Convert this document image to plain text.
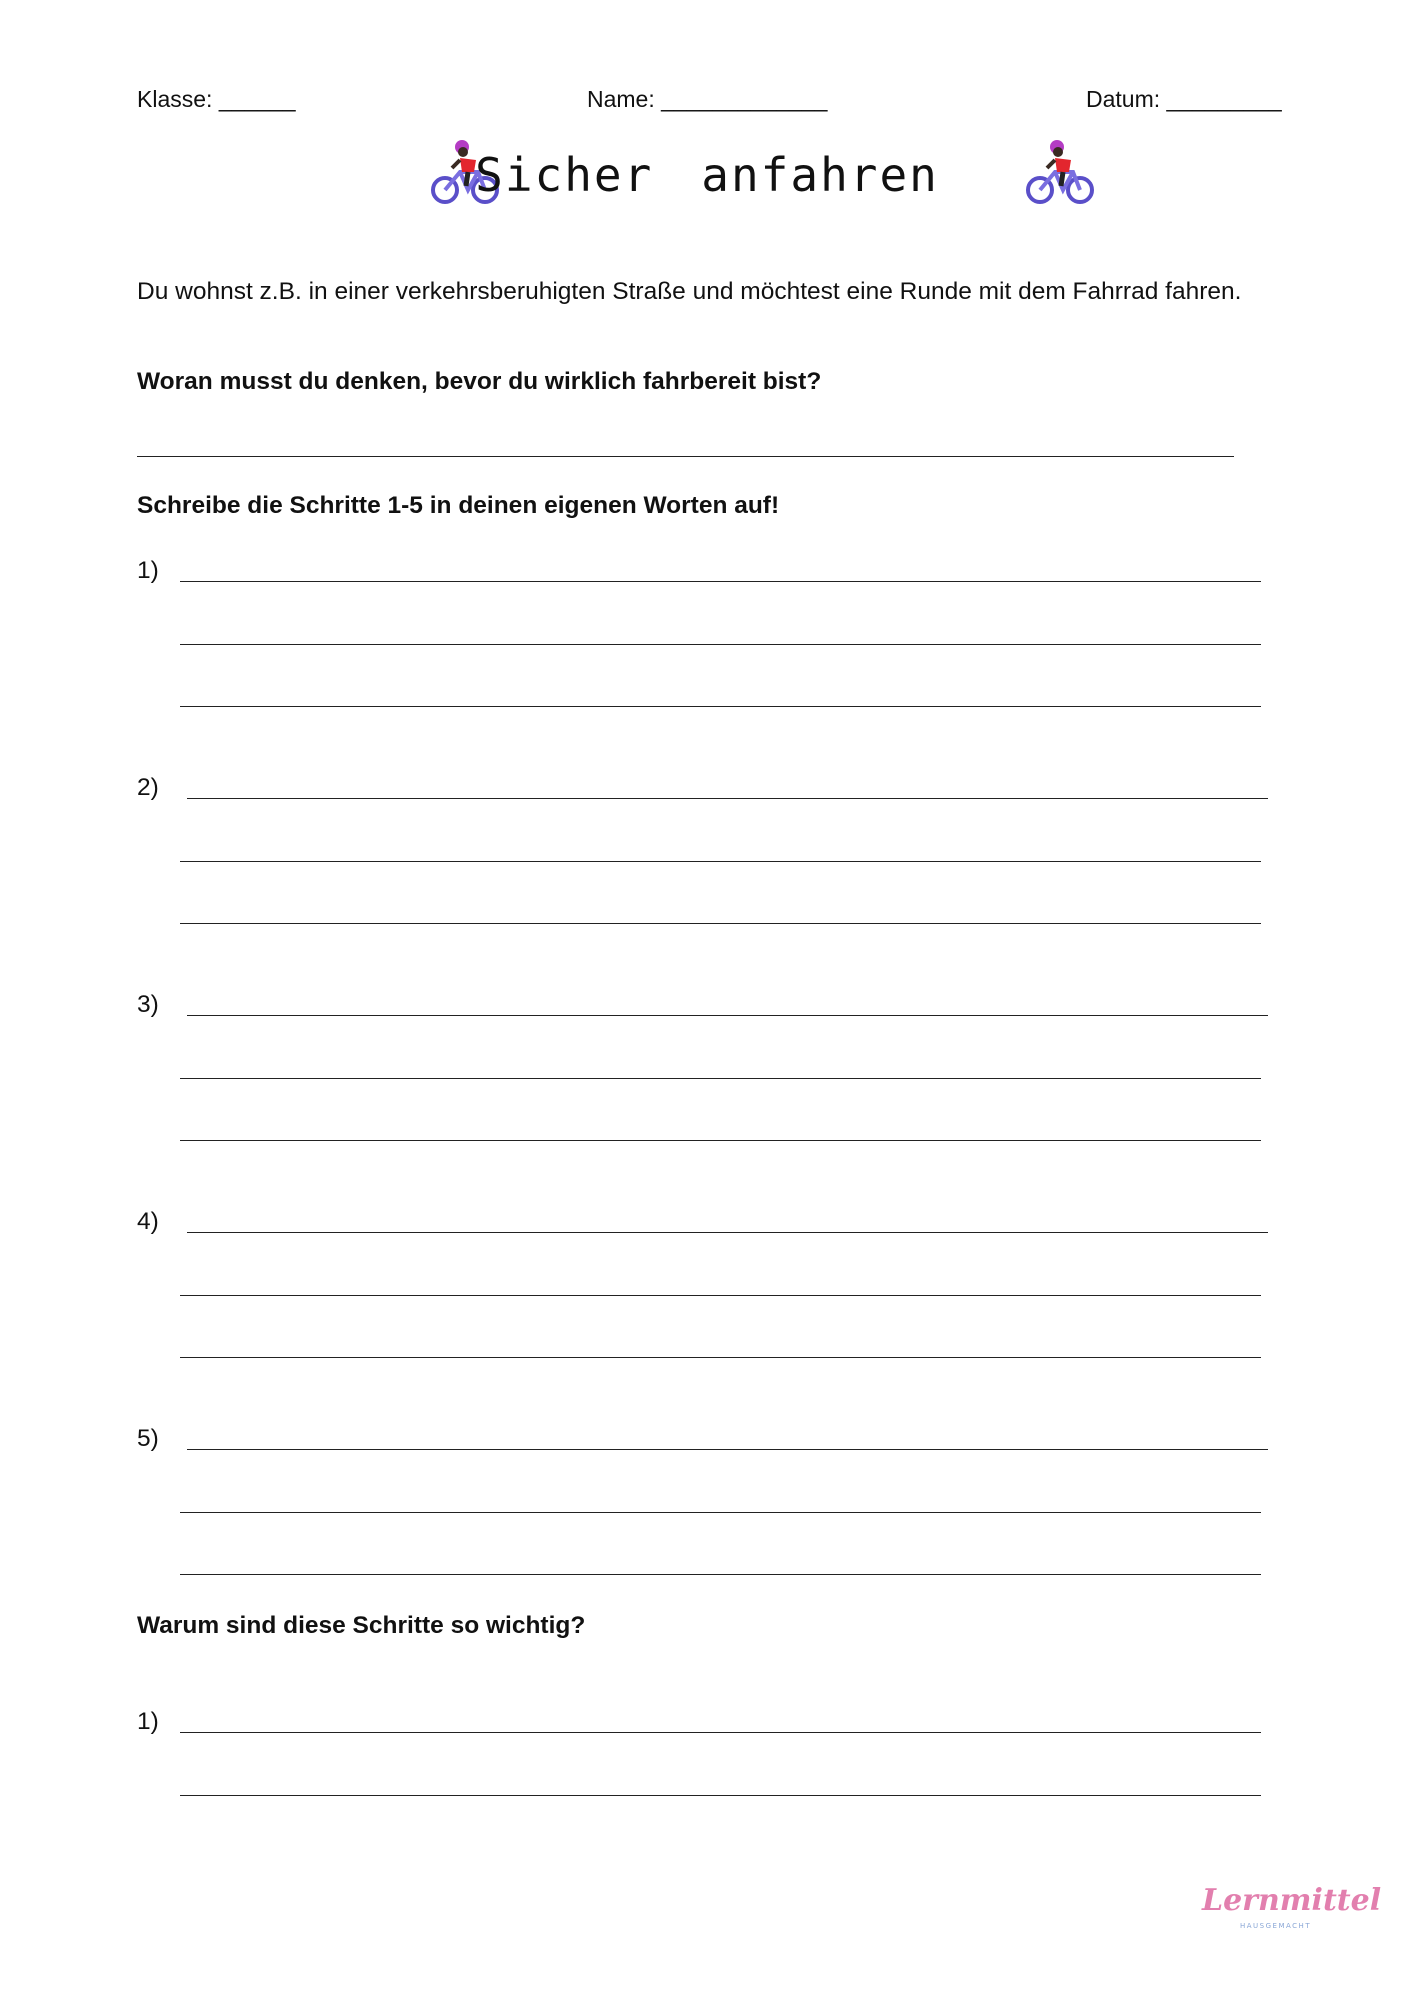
Klasse: ______	Name: _____________	Datum: _________
Sicher anfahren
Du wohnst z.B. in einer verkehrsberuhigten Straße und möchtest eine Runde mit dem Fahrrad fahren.
Woran musst du denken, bevor du wirklich fahrbereit bist?
Schreibe die Schritte 1-5 in deinen eigenen Worten auf!
1)
2)
3)
4)
5)
Warum sind diese Schritte so wichtig?
1)
Lernmittel
HAUSGEMACHT
